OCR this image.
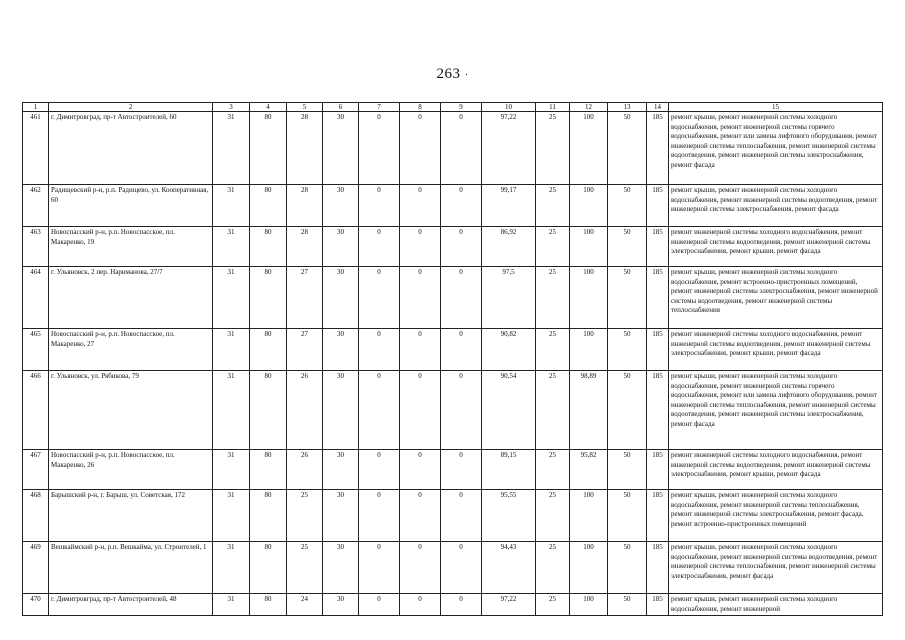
263 ·
1	2	3	4	5	6	7	8	9	10	11	12	13	14	15
461	г. Димитровград, пр-т Автостроителей, 60	31	80	28	30	0	0	0	97,22	25	100	50	185	ремонт крыши, ремонт инженерной системы холодного водоснабжения, ремонт инженерной системы горячего водоснабжения, ремонт или замена лифтового оборудования, ремонт инженерной системы теплоснабжения, ремонт инженерной системы водоотведения, ремонт инженерной системы электроснабжения, ремонт фасада
462	Радищевский р-н, р.п. Радищево, ул. Кооперативная, 60	31	80	28	30	0	0	0	99,17	25	100	50	185	ремонт крыши, ремонт инженерной системы холодного водоснабжения, ремонт инженерной системы водоотведения, ремонт инженерной системы электроснабжения, ремонт фасада
463	Новоспасский р-н, р.п. Новоспасское, пл. Макаренко, 19	31	80	28	30	0	0	0	86,92	25	100	50	185	ремонт инженерной системы холодного водоснабжения, ремонт инженерной системы водоотведения, ремонт инженерной системы электроснабжения, ремонт крыши, ремонт фасада
464	г. Ульяновск, 2 пер. Нариманова, 27/7	31	80	27	30	0	0	0	97,5	25	100	50	185	ремонт крыши, ремонт инженерной системы холодного водоснабжения, ремонт встроенно-пристроенных помещений, ремонт инженерной системы электроснабжения, ремонт инженерной системы водоотведения, ремонт инженерной системы теплоснабжения
465	Новоспасский р-н, р.п. Новоспасское, пл. Макаренко, 27	31	80	27	30	0	0	0	90,82	25	100	50	185	ремонт инженерной системы холодного водоснабжения, ремонт инженерной системы водоотведения, ремонт инженерной системы электроснабжения, ремонт крыши, ремонт фасада
466	г. Ульяновск, ул. Рябикова, 79	31	80	26	30	0	0	0	90,54	25	98,89	50	185	ремонт крыши, ремонт инженерной системы холодного водоснабжения, ремонт инженерной системы горячего водоснабжения, ремонт или замена лифтового оборудования, ремонт инженерной системы теплоснабжения, ремонт инженерной системы водоотведения, ремонт инженерной системы электроснабжения, ремонт фасада
467	Новоспасский р-н, р.п. Новоспасское, пл. Макаренко, 26	31	80	26	30	0	0	0	89,15	25	95,82	50	185	ремонт инженерной системы холодного водоснабжения, ремонт инженерной системы водоотведения, ремонт инженерной системы электроснабжения, ремонт крыши, ремонт фасада
468	Барышский р-н, г. Барыш, ул. Советская, 172	31	80	25	30	0	0	0	95,55	25	100	50	185	ремонт крыши, ремонт инженерной системы холодного водоснабжения, ремонт инженерной системы теплоснабжения, ремонт инженерной системы электроснабжения, ремонт фасада, ремонт встроенно-пристроенных помещений
469	Вешкаймский р-н, р.п. Вешкайма, ул. Строителей, 1	31	80	25	30	0	0	0	94,43	25	100	50	185	ремонт крыши, ремонт инженерной системы холодного водоснабжения, ремонт инженерной системы водоотведения, ремонт инженерной системы теплоснабжения, ремонт инженерной системы электроснабжения, ремонт фасада
470	г. Димитровград, пр-т Автостроителей, 48	31	80	24	30	0	0	0	97,22	25	100	50	185	ремонт крыши, ремонт инженерной системы холодного водоснабжения, ремонт инженерной
